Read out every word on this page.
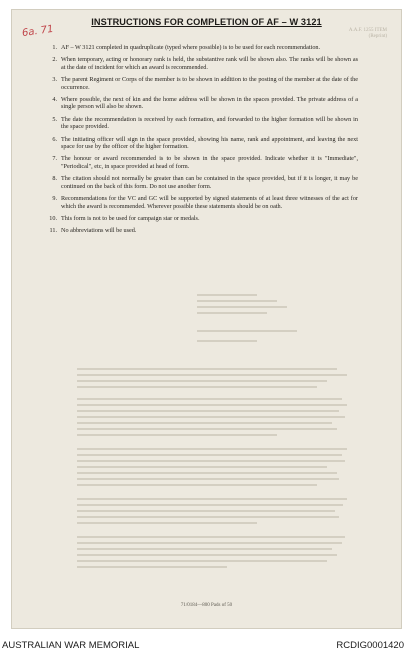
6a. 71	A.A.F. 1255 ITEM (Reprint)
INSTRUCTIONS FOR COMPLETION OF AF – W 3121
1. AF – W 3121 completed in quadruplicate (typed where possible) is to be used for each recommendation.
2. When temporary, acting or honorary rank is held, the substantive rank will be shown also. The ranks will be shown as at the date of incident for which an award is recommended.
3. The parent Regiment or Corps of the member is to be shown in addition to the posting of the member at the date of the occurrence.
4. Where possible, the next of kin and the home address will be shown in the spaces provided. The private address of a single person will also be shown.
5. The date the recommendation is received by each formation, and forwarded to the higher formation will be shown in the space provided.
6. The initiating officer will sign in the space provided, showing his name, rank and appointment, and leaving the next space for use by the officer of the higher formation.
7. The honour or award recommended is to be shown in the space provided. Indicate whether it is "Immediate", "Periodical", etc, in space provided at head of form.
8. The citation should not normally be greater than can be contained in the space provided, but if it is longer, it may be continued on the back of this form. Do not use another form.
9. Recommendations for the VC and GC will be supported by signed statements of at least three witnesses of the act for which the award is recommended. Wherever possible these statements should be on oath.
10. This form is not to be used for campaign star or medals.
11. No abbreviations will be used.

71/0184—800 Pads of 50
AUSTRALIAN WAR MEMORIAL	RCDIG0001420
